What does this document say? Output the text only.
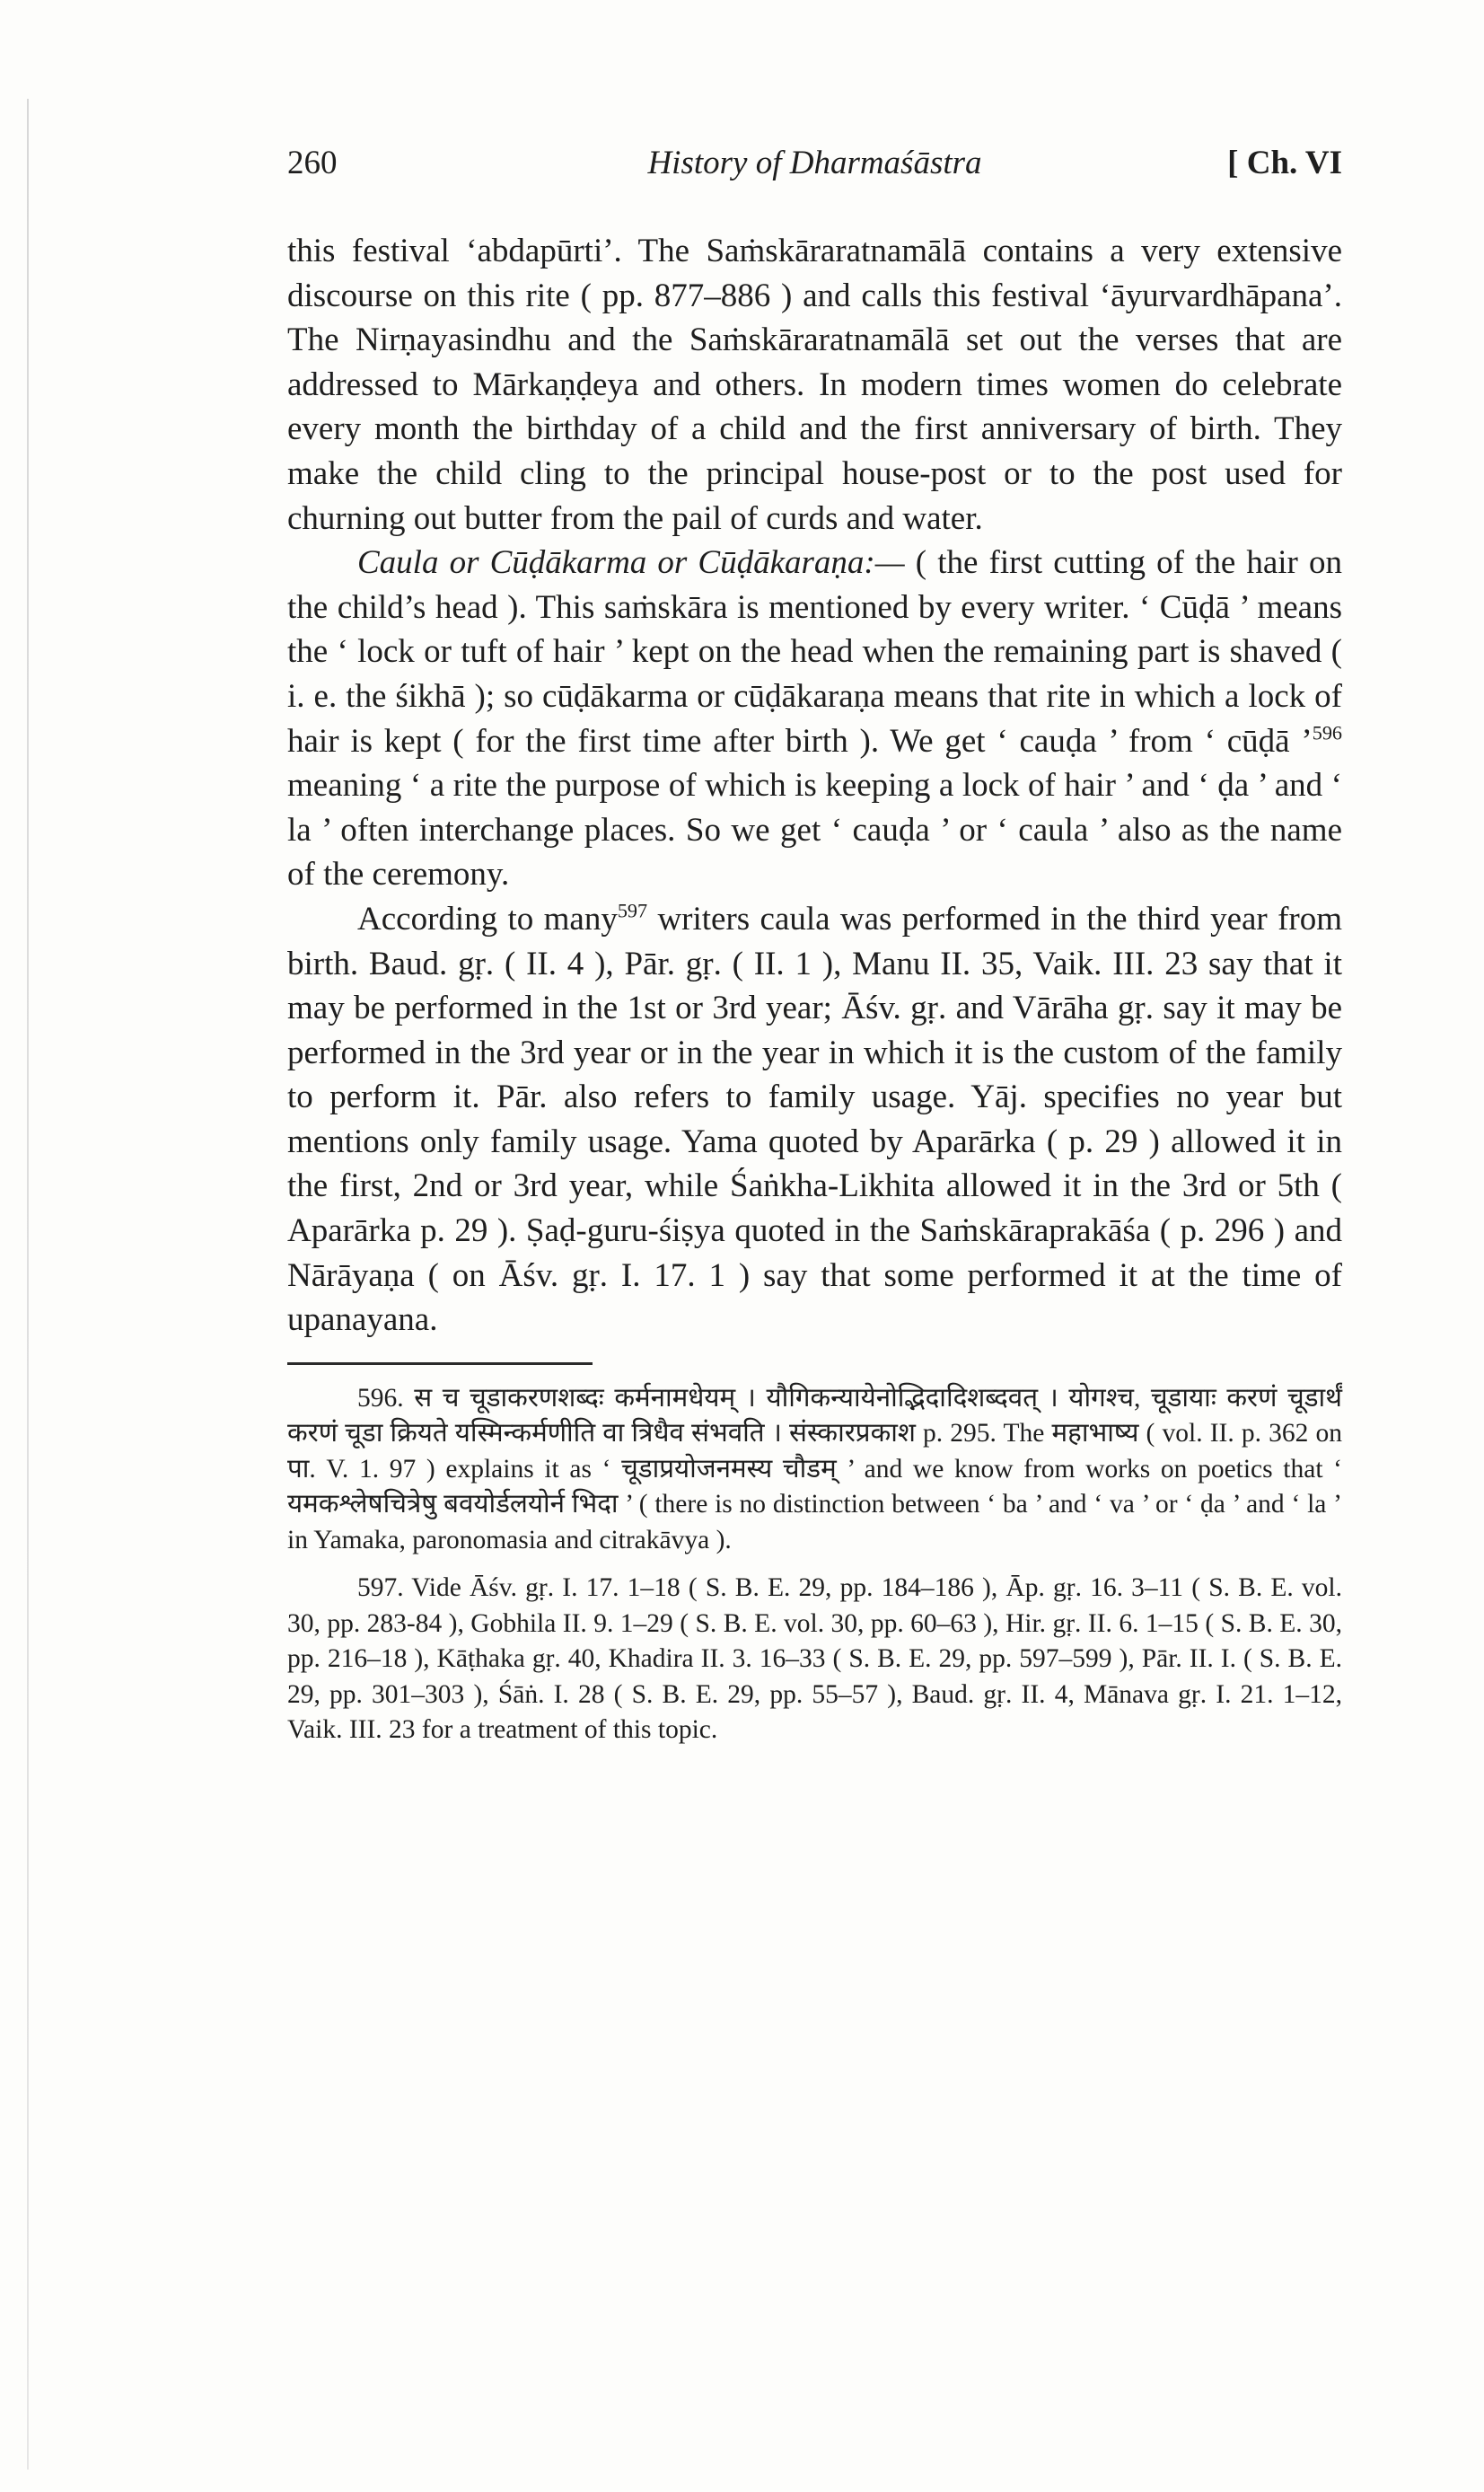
260	History of Dharmaśāstra	[ Ch. VI

this festival ‘abdapūrti’. The Saṁskāraratnamālā contains a very extensive discourse on this rite ( pp. 877–886 ) and calls this festival ‘āyurvardhāpana’. The Nirṇayasindhu and the Saṁskāraratnamālā set out the verses that are addressed to Mārkaṇḍeya and others. In modern times women do celebrate every month the birthday of a child and the first anniversary of birth. They make the child cling to the principal house-post or to the post used for churning out butter from the pail of curds and water.

Caula or Cūḍākarma or Cūḍākaraṇa:— ( the first cutting of the hair on the child’s head ). This saṁskāra is mentioned by every writer. ‘ Cūḍā ’ means the ‘ lock or tuft of hair ’ kept on the head when the remaining part is shaved ( i. e. the śikhā ); so cūḍākarma or cūḍākaraṇa means that rite in which a lock of hair is kept ( for the first time after birth ). We get ‘ cauḍa ’ from ‘ cūḍā ’$^{596}$ meaning ‘ a rite the purpose of which is keeping a lock of hair ’ and ‘ ḍa ’ and ‘ la ’ often interchange places. So we get ‘ cauḍa ’ or ‘ caula ’ also as the name of the ceremony.

According to many$^{597}$ writers caula was performed in the third year from birth. Baud. gṛ. ( II. 4 ), Pār. gṛ. ( II. 1 ), Manu II. 35, Vaik. III. 23 say that it may be performed in the 1st or 3rd year; Āśv. gṛ. and Vārāha gṛ. say it may be performed in the 3rd year or in the year in which it is the custom of the family to perform it. Pār. also refers to family usage. Yāj. specifies no year but mentions only family usage. Yama quoted by Aparārka ( p. 29 ) allowed it in the first, 2nd or 3rd year, while Śaṅkha-Likhita allowed it in the 3rd or 5th ( Aparārka p. 29 ). Ṣaḍ-guru-śiṣya quoted in the Saṁskāraprakāśa ( p. 296 ) and Nārāyaṇa ( on Āśv. gṛ. I. 17. 1 ) say that some performed it at the time of upanayana.

596. स च चूडाकरणशब्दः कर्मनामधेयम् । यौगिकन्यायेनोद्भिदादिशब्दवत् । योगश्च, चूडायाः करणं चूडार्थं करणं चूडा क्रियते यस्मिन्कर्मणीति वा त्रिधैव संभवति । संस्कारप्रकाश p. 295. The महाभाष्य ( vol. II. p. 362 on पा. V. 1. 97 ) explains it as ‘ चूडाप्रयोजनमस्य चौडम् ’ and we know from works on poetics that ‘ यमकश्लेषचित्रेषु बवयोर्डलयोर्न भिदा ’ ( there is no distinction between ‘ ba ’ and ‘ va ’ or ‘ ḍa ’ and ‘ la ’ in Yamaka, paronomasia and citrakāvya ).

597. Vide Āśv. gṛ. I. 17. 1–18 ( S. B. E. 29, pp. 184–186 ), Āp. gṛ. 16. 3–11 ( S. B. E. vol. 30, pp. 283-84 ), Gobhila II. 9. 1–29 ( S. B. E. vol. 30, pp. 60–63 ), Hir. gṛ. II. 6. 1–15 ( S. B. E. 30, pp. 216–18 ), Kāṭhaka gṛ. 40, Khadira II. 3. 16–33 ( S. B. E. 29, pp. 597–599 ), Pār. II. I. ( S. B. E. 29, pp. 301–303 ), Śāṅ. I. 28 ( S. B. E. 29, pp. 55–57 ), Baud. gṛ. II. 4, Mānava gṛ. I. 21. 1–12, Vaik. III. 23 for a treatment of this topic.
